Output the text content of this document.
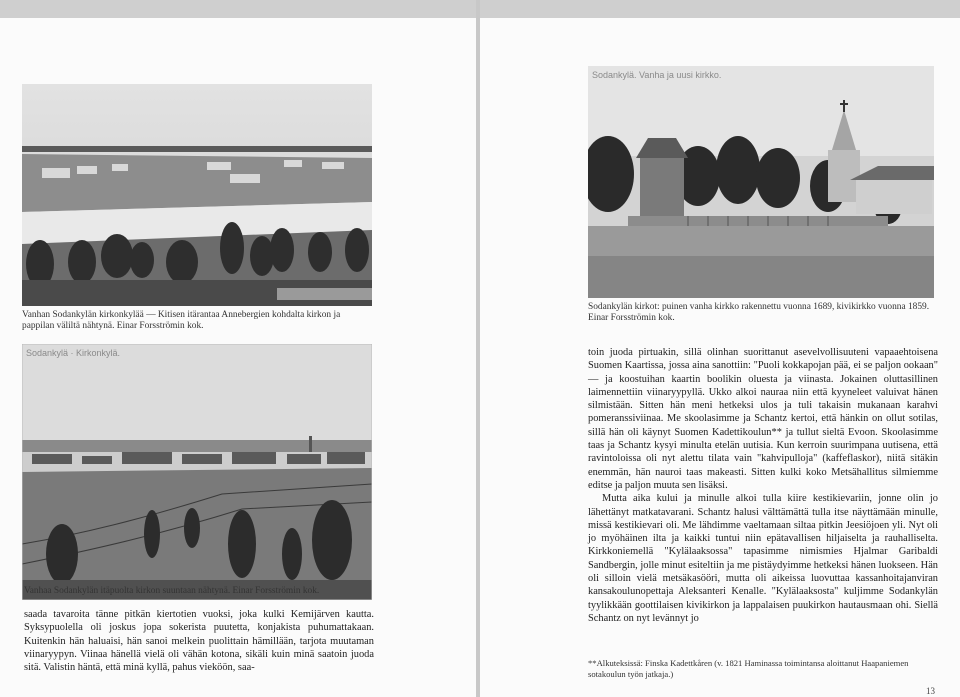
Vanhan Sodankylän kirkonkylää — Kitisen itärantaa Annebergien kohdalta kirkon ja pappilan väliltä nähtynä. Einar Forsströmin kok.
Sodankylä · Kirkonkylä.
Vanhaa Sodankylän itäpuolta kirkon suuntaan nähtynä. Einar Forsströmin kok.

saada tavaroita tänne pitkän kiertotien vuoksi, joka kulki Kemijärven kautta. Syksypuolella oli joskus jopa sokerista puutetta, konjakista puhumattakaan. Kuitenkin hän haluaisi, hän sanoi melkein puolittain hämillään, tarjota muutaman viinaryypyn. Viinaa hänellä vielä oli vähän kotona, sikäli kuin minä saatoin juoda sitä. Valistin häntä, että minä kyllä, pahus vieköön, saa-

Sodankylä. Vanha ja uusi kirkko.
Sodankylän kirkot: puinen vanha kirkko rakennettu vuonna 1689, kivikirkko vuonna 1859. Einar Forsströmin kok.

toin juoda pirtuakin, sillä olinhan suorittanut asevelvollisuuteni vapaaehtoisena Suomen Kaartissa, jossa aina sanottiin: "Puoli kokkapojan pää, ei se paljon ookaan" — ja koostuihan kaartin boolikin oluesta ja viinasta. Jokainen oluttasillinen laimennettiin viinaryypyllä. Ukko alkoi nauraa niin että kyyneleet valuivat hänen silmistään. Sitten hän meni hetkeksi ulos ja tuli takaisin mukanaan karahvi pomeranssiviinaa. Me skoolasimme ja Schantz kertoi, että hänkin on ollut sotilas, sillä hän oli käynyt Suomen Kadettikoulun** ja tullut sieltä Evoon. Skoolasimme taas ja Schantz kysyi minulta etelän uutisia. Kun kerroin suurimpana uutisena, että ravintoloissa oli nyt alettu tilata vain "kahvipulloja" (kaffeflaskor), niitä sitäkin enemmän, hän nauroi taas makeasti. Sitten kulki koko Metsähallitus silmiemme editse ja paljon muuta sen lisäksi.

Mutta aika kului ja minulle alkoi tulla kiire kestikievariin, jonne olin jo lähettänyt matkatavarani. Schantz halusi välttämättä tulla itse näyttämään minulle, missä kestikievari oli. Me lähdimme vaeltamaan siltaa pitkin Jeesiöjoen yli. Nyt oli jo myöhäinen ilta ja kaikki tuntui niin epätavallisen hiljaiselta ja rauhalliselta. Kirkkoniemellä "Kylälaaksossa" tapasimme nimismies Hjalmar Garibaldi Sandbergin, jolle minut esiteltiin ja me pistäydyimme hetkeksi hänen luokseen. Hän oli silloin vielä metsäkasööri, mutta oli aikeissa luovuttaa kassanhoitajanviran kansakoulunopettaja Aleksanteri Kenalle. "Kylälaaksosta" kuljimme Sodankylän tyylikkään goottilaisen kivikirkon ja lappalaisen puukirkon hautausmaan ohi. Siellä Schantz on nyt levännyt jo

**Alkuteksissä: Finska Kadettkåren (v. 1821 Haminassa toimintansa aloittanut Haapaniemen sotakoulun työn jatkaja.)
13
